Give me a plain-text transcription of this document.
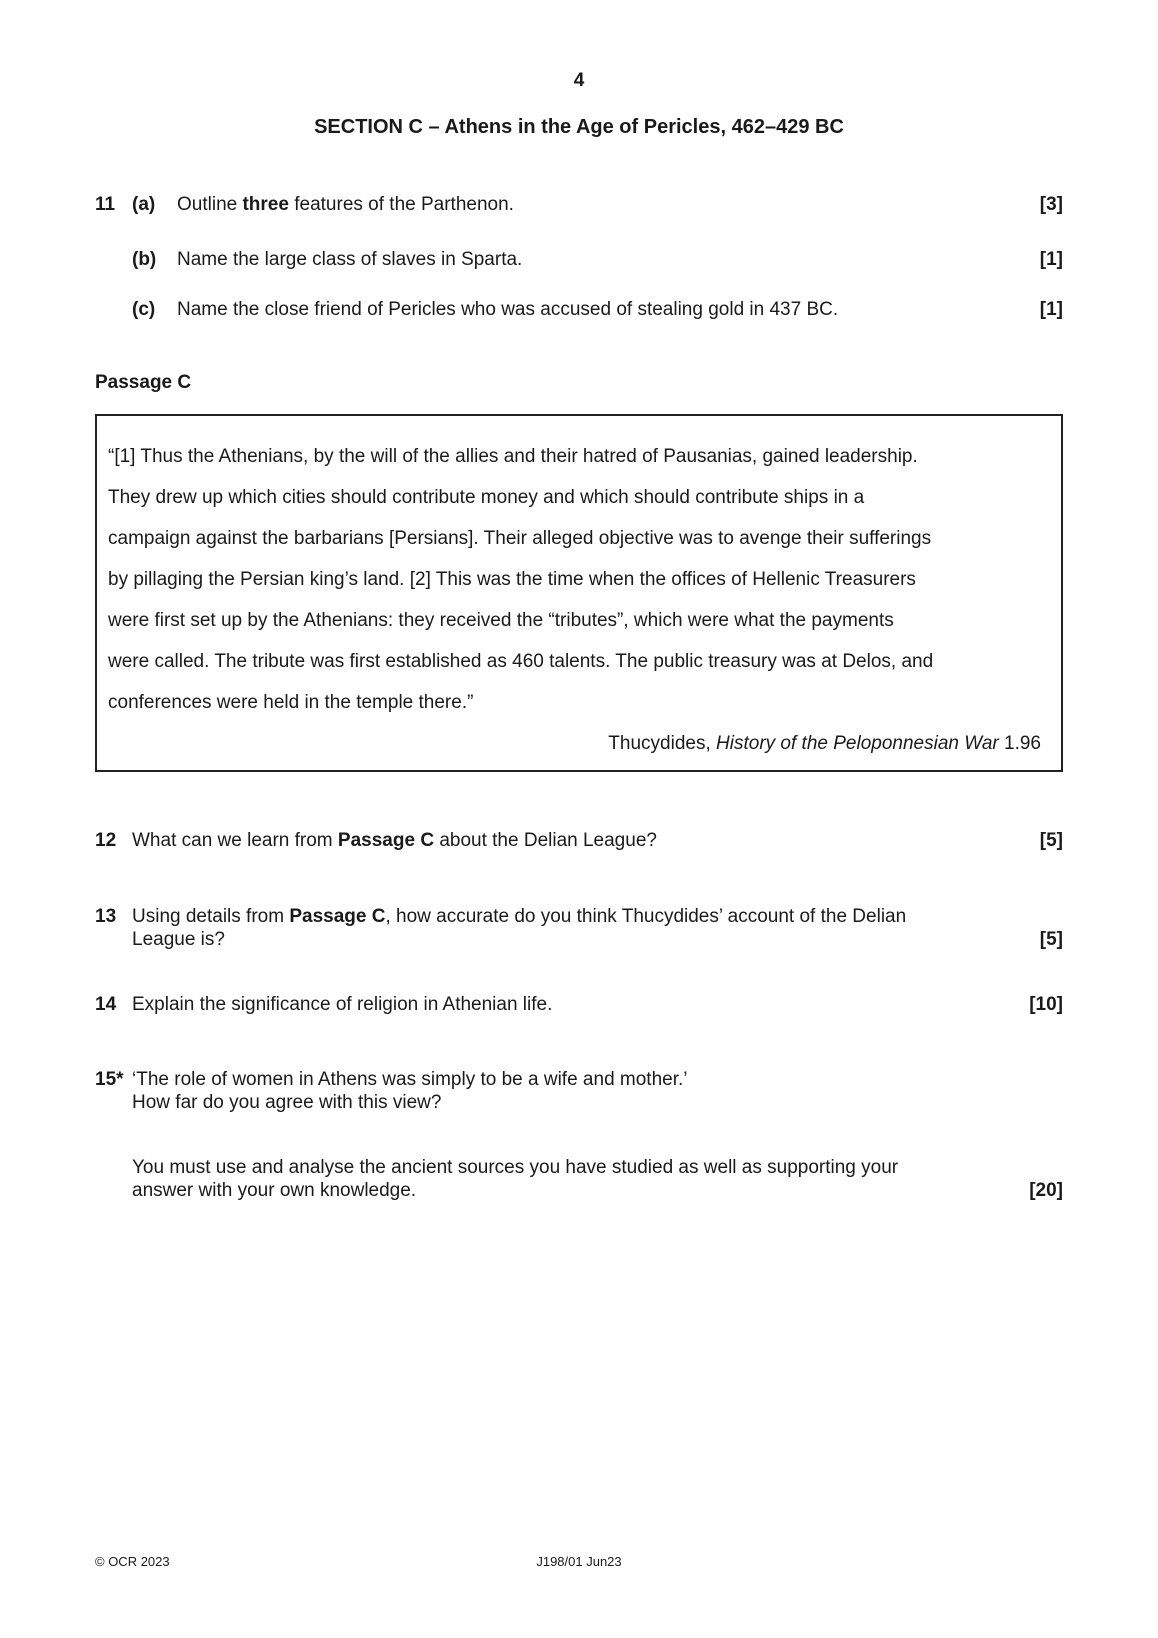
4
SECTION C – Athens in the Age of Pericles, 462–429 BC
11 (a)	Outline three features of the Parthenon.	[3]
(b)	Name the large class of slaves in Sparta.	[1]
(c)	Name the close friend of Pericles who was accused of stealing gold in 437 BC.	[1]
Passage C
“[1] Thus the Athenians, by the will of the allies and their hatred of Pausanias, gained leadership.
They drew up which cities should contribute money and which should contribute ships in a
campaign against the barbarians [Persians]. Their alleged objective was to avenge their sufferings
by pillaging the Persian king’s land. [2] This was the time when the offices of Hellenic Treasurers
were first set up by the Athenians: they received the “tributes”, which were what the payments
were called. The tribute was first established as 460 talents. The public treasury was at Delos, and
conferences were held in the temple there.”
Thucydides, History of the Peloponnesian War 1.96
12 What can we learn from Passage C about the Delian League?	[5]
13 Using details from Passage C, how accurate do you think Thucydides’ account of the Delian
League is?	[5]
14 Explain the significance of religion in Athenian life.	[10]
15* ‘The role of women in Athens was simply to be a wife and mother.’
How far do you agree with this view?
You must use and analyse the ancient sources you have studied as well as supporting your
answer with your own knowledge.	[20]
© OCR 2023	J198/01 Jun23
